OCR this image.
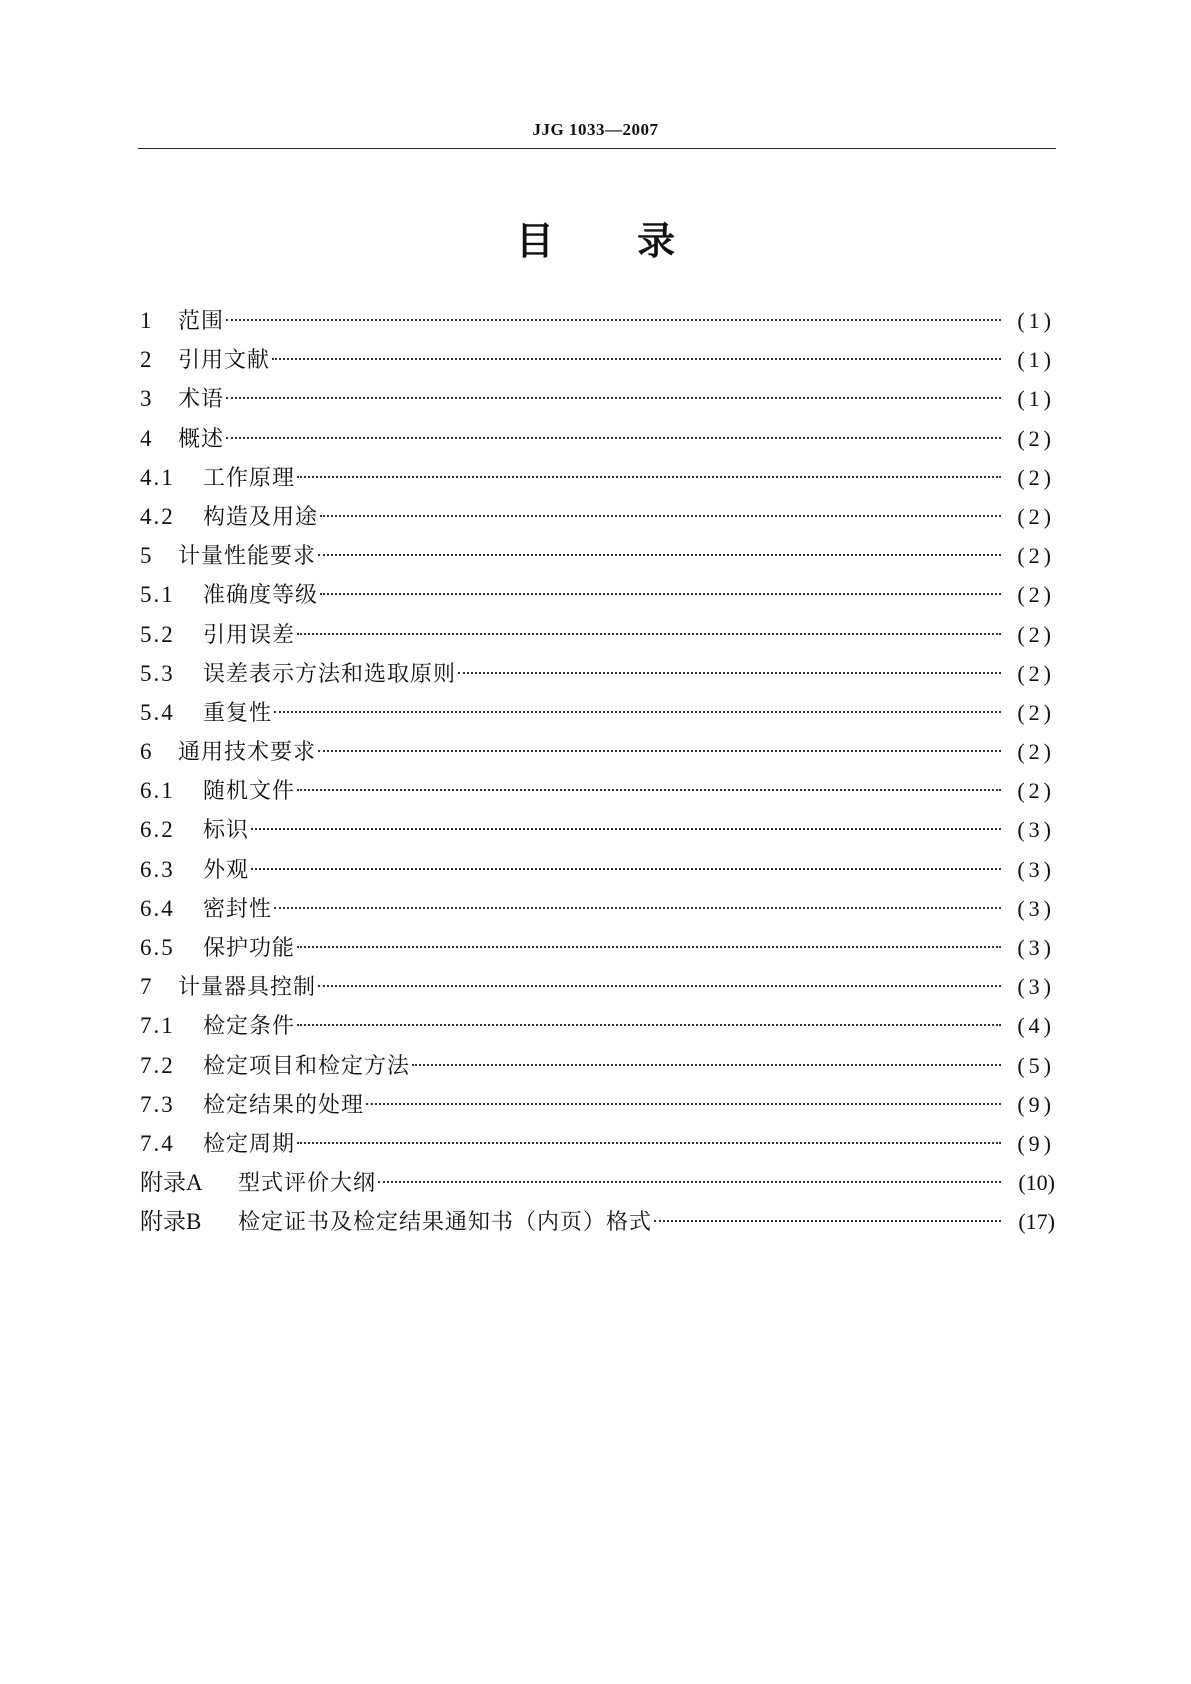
JJG 1033—2007
目 录
1	范围	(1)
2	引用文献	(1)
3	术语	(1)
4	概述	(2)
4.1	工作原理	(2)
4.2	构造及用途	(2)
5	计量性能要求	(2)
5.1	准确度等级	(2)
5.2	引用误差	(2)
5.3	误差表示方法和选取原则	(2)
5.4	重复性	(2)
6	通用技术要求	(2)
6.1	随机文件	(2)
6.2	标识	(3)
6.3	外观	(3)
6.4	密封性	(3)
6.5	保护功能	(3)
7	计量器具控制	(3)
7.1	检定条件	(4)
7.2	检定项目和检定方法	(5)
7.3	检定结果的处理	(9)
7.4	检定周期	(9)
附录A	型式评价大纲	(10)
附录B	检定证书及检定结果通知书（内页）格式	(17)
